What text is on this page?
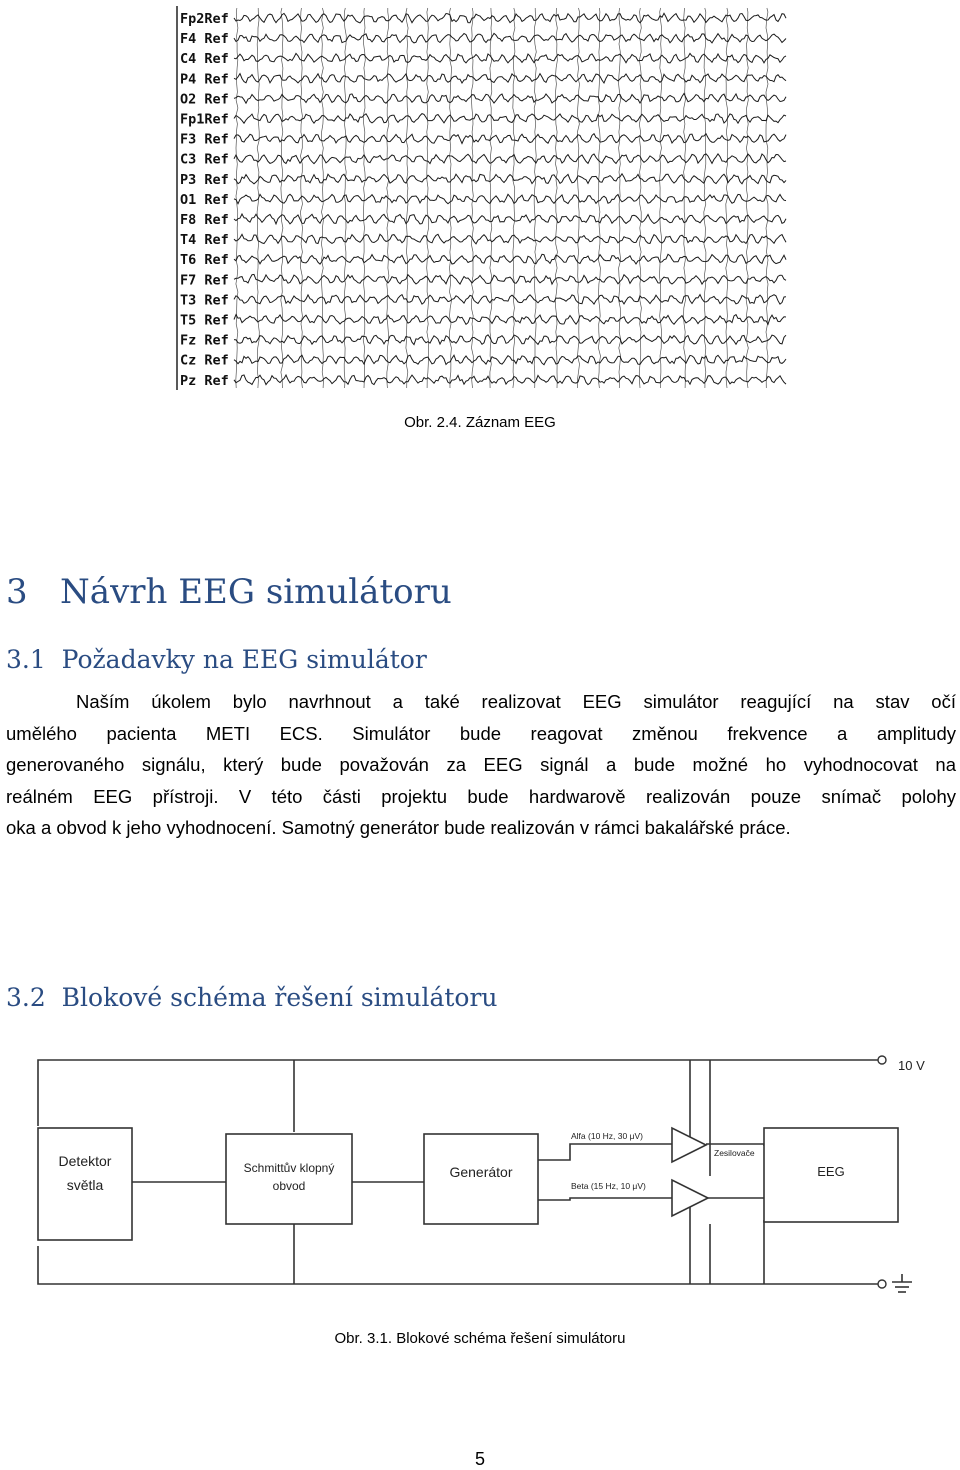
Fp2Ref
F4 Ref
C4 Ref
P4 Ref
O2 Ref
Fp1Ref
F3 Ref
C3 Ref
P3 Ref
O1 Ref
F8 Ref
T4 Ref
T6 Ref
F7 Ref
T3 Ref
T5 Ref
Fz Ref
Cz Ref
Pz Ref
Obr. 2.4. Záznam EEG
3   Návrh EEG simulátoru
3.1  Požadavky na EEG simulátor
Naším úkolem bylo navrhnout a také realizovat EEG simulátor reagující na stav očí
umělého pacienta METI ECS. Simulátor bude reagovat změnou frekvence a amplitudy
generovaného signálu, který bude považován za EEG signál a bude možné ho vyhodnocovat na
reálném EEG přístroji. V této části projektu bude hardwarově realizován pouze snímač polohy
oka a obvod k jeho vyhodnocení. Samotný generátor bude realizován v rámci bakalářské práce.
3.2  Blokové schéma řešení simulátoru
10 V
Detektor
světla
Schmittův klopný
obvod
Generátor
Alfa (10 Hz, 30 μV)
Beta (15 Hz, 10 μV)
Zesilovače
EEG
Obr. 3.1. Blokové schéma řešení simulátoru
5
